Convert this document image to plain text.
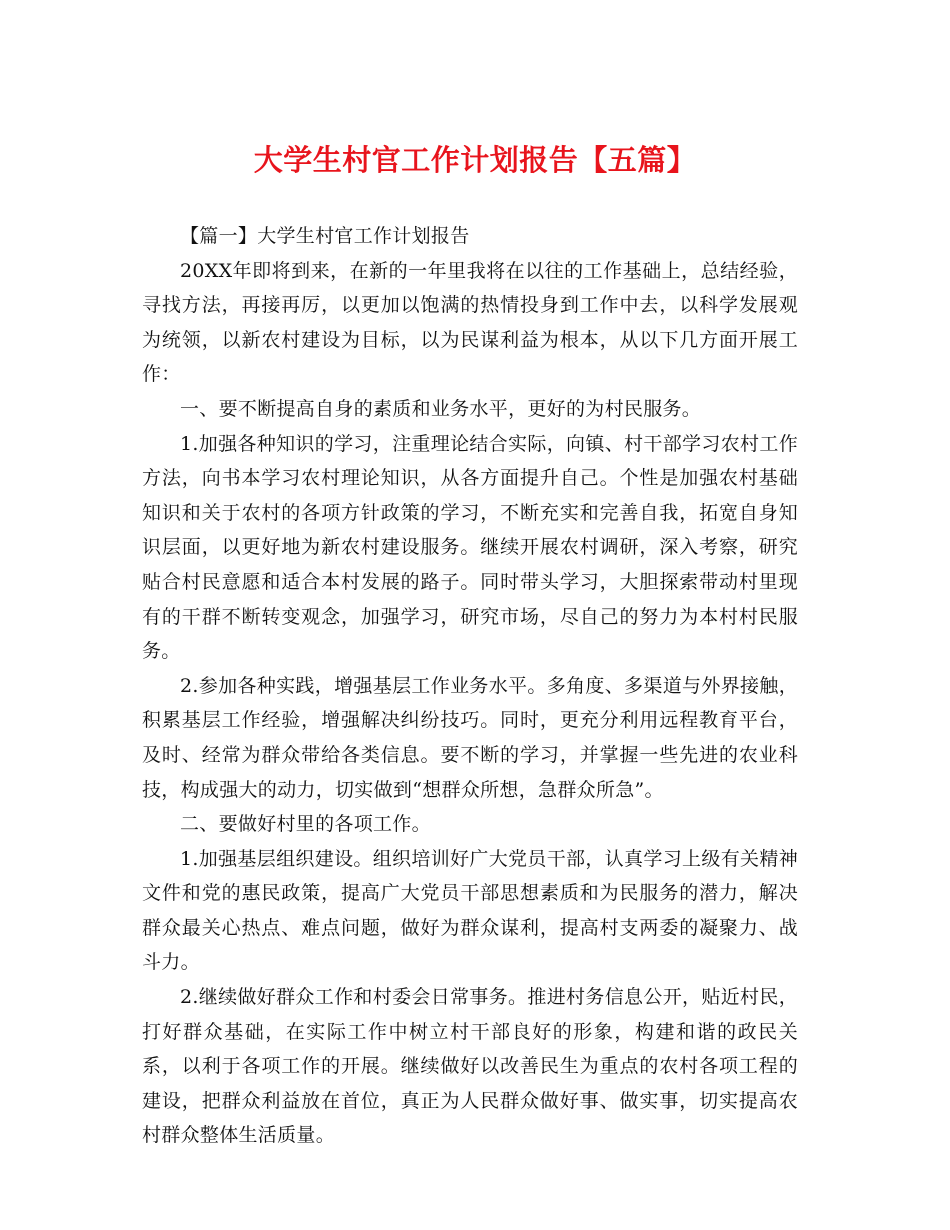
大学生村官工作计划报告【五篇】

【篇一】大学生村官工作计划报告

20XX年即将到来，在新的一年里我将在以往的工作基础上，总结经验，寻找方法，再接再厉，以更加以饱满的热情投身到工作中去，以科学发展观为统领，以新农村建设为目标，以为民谋利益为根本，从以下几方面开展工作：

一、要不断提高自身的素质和业务水平，更好的为村民服务。

1.加强各种知识的学习，注重理论结合实际，向镇、村干部学习农村工作方法，向书本学习农村理论知识，从各方面提升自己。个性是加强农村基础知识和关于农村的各项方针政策的学习，不断充实和完善自我，拓宽自身知识层面，以更好地为新农村建设服务。继续开展农村调研，深入考察，研究贴合村民意愿和适合本村发展的路子。同时带头学习，大胆探索带动村里现有的干群不断转变观念，加强学习，研究市场，尽自己的努力为本村村民服务。

2.参加各种实践，增强基层工作业务水平。多角度、多渠道与外界接触，积累基层工作经验，增强解决纠纷技巧。同时，更充分利用远程教育平台，及时、经常为群众带给各类信息。要不断的学习，并掌握一些先进的农业科技，构成强大的动力，切实做到“想群众所想，急群众所急”。

二、要做好村里的各项工作。

1.加强基层组织建设。组织培训好广大党员干部，认真学习上级有关精神文件和党的惠民政策，提高广大党员干部思想素质和为民服务的潜力，解决群众最关心热点、难点问题，做好为群众谋利，提高村支两委的凝聚力、战斗力。

2.继续做好群众工作和村委会日常事务。推进村务信息公开，贴近村民，打好群众基础，在实际工作中树立村干部良好的形象，构建和谐的政民关系，以利于各项工作的开展。继续做好以改善民生为重点的农村各项工程的建设，把群众利益放在首位，真正为人民群众做好事、做实事，切实提高农村群众整体生活质量。
